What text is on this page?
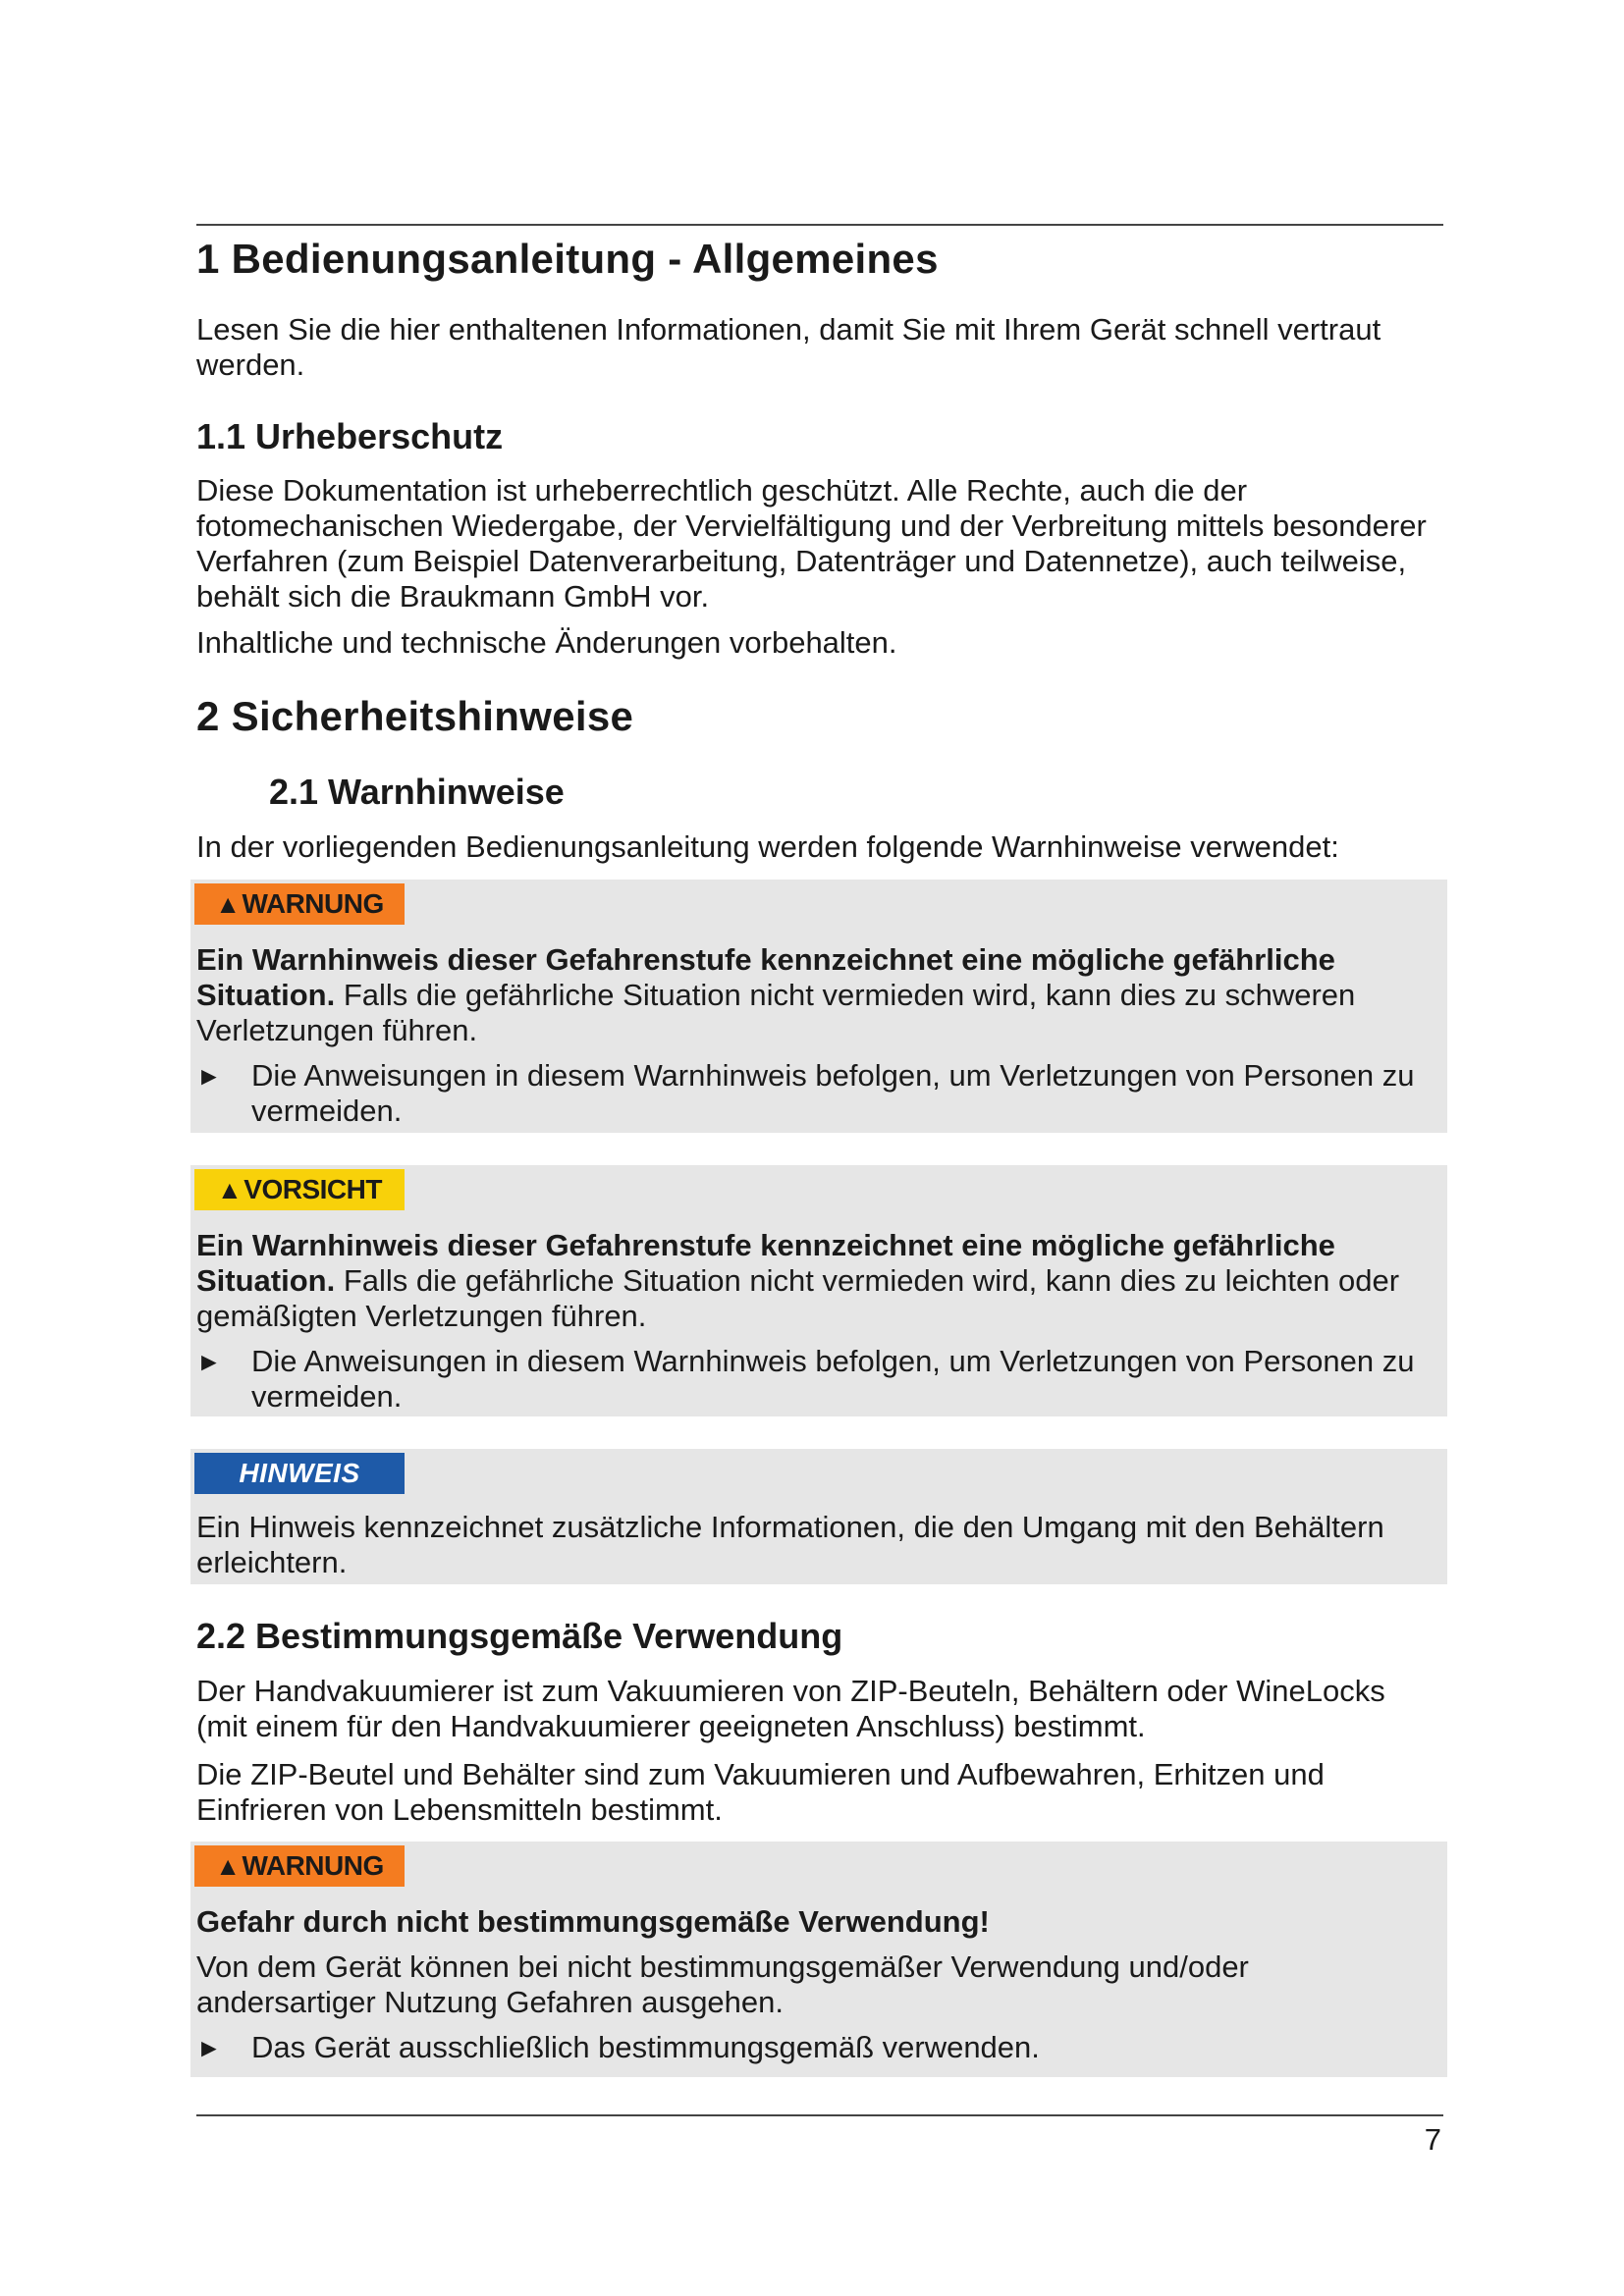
1 Bedienungsanleitung - Allgemeines
Lesen Sie die hier enthaltenen Informationen, damit Sie mit Ihrem Gerät schnell vertraut werden.
1.1 Urheberschutz
Diese Dokumentation ist urheberrechtlich geschützt. Alle Rechte, auch die der fotomechanischen Wiedergabe, der Vervielfältigung und der Verbreitung mittels besonderer Verfahren (zum Beispiel Datenverarbeitung, Datenträger und Datennetze), auch teilweise, behält sich die Braukmann GmbH vor.
Inhaltliche und technische Änderungen vorbehalten.
2 Sicherheitshinweise
2.1 Warnhinweise
In der vorliegenden Bedienungsanleitung werden folgende Warnhinweise verwendet:
▲ WARNUNG
Ein Warnhinweis dieser Gefahrenstufe kennzeichnet eine mögliche gefährliche Situation. Falls die gefährliche Situation nicht vermieden wird, kann dies zu schweren Verletzungen führen.
► Die Anweisungen in diesem Warnhinweis befolgen, um Verletzungen von Personen zu vermeiden.
▲ VORSICHT
Ein Warnhinweis dieser Gefahrenstufe kennzeichnet eine mögliche gefährliche Situation. Falls die gefährliche Situation nicht vermieden wird, kann dies zu leichten oder gemäßigten Verletzungen führen.
► Die Anweisungen in diesem Warnhinweis befolgen, um Verletzungen von Personen zu vermeiden.
HINWEIS
Ein Hinweis kennzeichnet zusätzliche Informationen, die den Umgang mit den Behältern erleichtern.
2.2 Bestimmungsgemäße Verwendung
Der Handvakuumierer ist zum Vakuumieren von ZIP-Beuteln, Behältern oder WineLocks (mit einem für den Handvakuumierer geeigneten Anschluss) bestimmt.
Die ZIP-Beutel und Behälter sind zum Vakuumieren und Aufbewahren, Erhitzen und Einfrieren von Lebensmitteln bestimmt.
▲ WARNUNG
Gefahr durch nicht bestimmungsgemäße Verwendung!
Von dem Gerät können bei nicht bestimmungsgemäßer Verwendung und/oder andersartiger Nutzung Gefahren ausgehen.
► Das Gerät ausschließlich bestimmungsgemäß verwenden.
7
